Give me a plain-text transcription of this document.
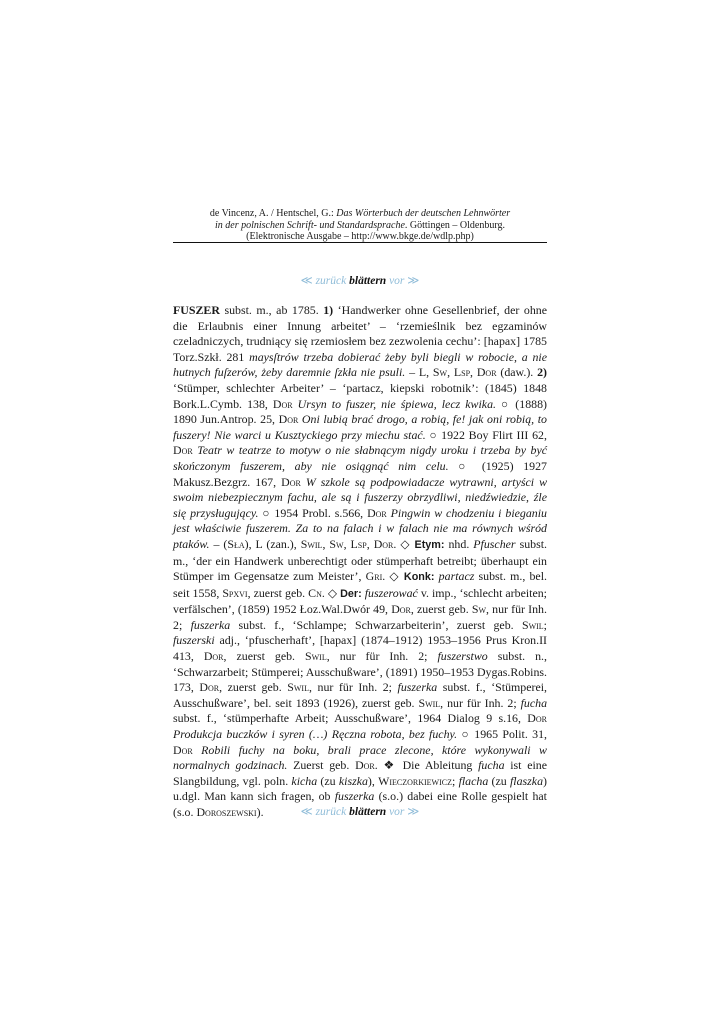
de Vincenz, A. / Hentschel, G.: Das Wörterbuch der deutschen Lehnwörter
in der polnischen Schrift- und Standardsprache. Göttingen – Oldenburg.
(Elektronische Ausgabe – http://www.bkge.de/wdlp.php)
≪ zurück blättern vor ≫

FUSZER subst. m., ab 1785. 1) ‘Handwerker ohne Gesellenbrief, der ohne die Erlaubnis einer Innung arbeitet’ – ‘rzemieślnik bez egzaminów czeladniczych, trudniący się rzemiosłem bez zezwolenia cechu’: [hapax] 1785 Torz.Szkł. 281 maysſtrów trzeba dobierać żeby byli biegli w robocie, a nie hutnych fuſzerów, żeby daremnie ſzkła nie psuli. – L, Sw, Lsp, Dor (daw.). 2) ‘Stümper, schlechter Arbeiter’ – ‘partacz, kiepski robotnik’: (1845) 1848 Bork.L.Cymb. 138, Dor Ursyn to fuszer, nie śpiewa, lecz kwika. ○ (1888) 1890 Jun.Antrop. 25, Dor Oni lubią brać drogo, a robią, fe! jak oni robią, to fuszery! Nie warci u Kusztyckiego przy miechu stać. ○ 1922 Boy Flirt III 62, Dor Teatr w teatrze to motyw o nie słabnącym nigdy uroku i trzeba by być skończonym fuszerem, aby nie osiągnąć nim celu. ○ (1925) 1927 Makusz.Bezgrz. 167, Dor W szkole są podpowiadacze wytrawni, artyści w swoim niebezpiecznym fachu, ale są i fuszerzy obrzydliwi, niedźwiedzie, źle się przysługujący. ○ 1954 Probl. s.566, Dor Pingwin w chodzeniu i bieganiu jest właściwie fuszerem. Za to na falach i w falach nie ma równych wśród ptaków. – (Sła), L (zan.), Swil, Sw, Lsp, Dor. ◇ Etym: nhd. Pfuscher subst. m., ‘der ein Handwerk unberechtigt oder stümperhaft betreibt; überhaupt ein Stümper im Gegensatze zum Meister’, Gri. ◇ Konk: partacz subst. m., bel. seit 1558, Spxvi, zuerst geb. Cn. ◇ Der: fuszerować v. imp., ‘schlecht arbeiten; verfälschen’, (1859) 1952 Łoz.Wal.Dwór 49, Dor, zuerst geb. Sw, nur für Inh. 2; fuszerka subst. f., ‘Schlampe; Schwarzarbeiterin’, zuerst geb. Swil; fuszerski adj., ‘pfuscherhaft’, [hapax] (1874–1912) 1953–1956 Prus Kron.II 413, Dor, zuerst geb. Swil, nur für Inh. 2; fuszerstwo subst. n., ‘Schwarzarbeit; Stümperei; Ausschußware’, (1891) 1950–1953 Dygas.Robins. 173, Dor, zuerst geb. Swil, nur für Inh. 2; fuszerka subst. f., ‘Stümperei, Ausschußware’, bel. seit 1893 (1926), zuerst geb. Swil, nur für Inh. 2; fucha subst. f., ‘stümperhafte Arbeit; Ausschußware’, 1964 Dialog 9 s.16, Dor Produkcja buczków i syren (…) Ręczna robota, bez fuchy. ○ 1965 Polit. 31, Dor Robili fuchy na boku, brali prace zlecone, które wykonywali w normalnych godzinach. Zuerst geb. Dor. ❖ Die Ableitung fucha ist eine Slangbildung, vgl. poln. kicha (zu kiszka), Wieczorkiewicz; flacha (zu flaszka) u.dgl. Man kann sich fragen, ob fuszerka (s.o.) dabei eine Rolle gespielt hat (s.o. Doroszewski).	≪ zurück blättern vor ≫
